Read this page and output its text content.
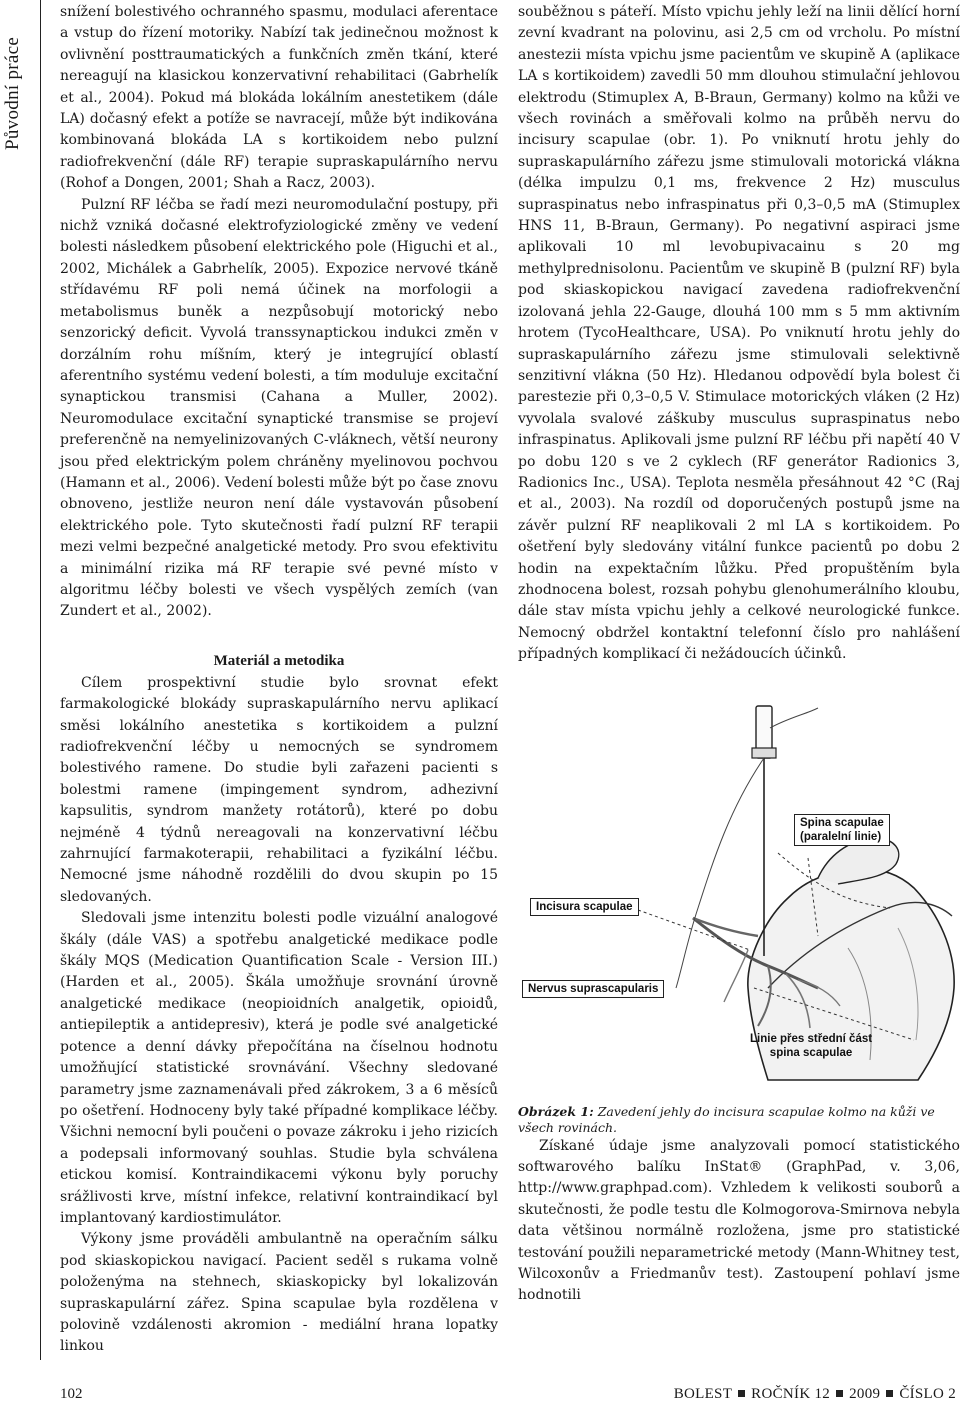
Původní práce

snížení bolestivého ochranného spasmu, modulaci aferentace a vstup do řízení motoriky. Nabízí tak jedinečnou možnost k ovlivnění posttraumatických a funkčních změn tkání, které nereagují na klasickou konzervativní rehabilitaci (Gabrhelík et al., 2004). Pokud má blokáda lokálním anestetikem (dále LA) dočasný efekt a potíže se navracejí, může být indikována kombinovaná blokáda LA s kortikoidem nebo pulzní radiofrekvenční (dále RF) terapie supraskapulárního nervu (Rohof a Dongen, 2001; Shah a Racz, 2003).

Pulzní RF léčba se řadí mezi neuromodulační postupy, při nichž vzniká dočasné elektrofyziologické změny ve vedení bolesti následkem působení elektrického pole (Higuchi et al., 2002, Michálek a Gabrhelík, 2005). Expozice nervové tkáně střídavému RF poli nemá účinek na morfologii a metabolismus buněk a nezpůsobují motorický nebo senzorický deficit. Vyvolá transsynaptickou indukci změn v dorzálním rohu míšním, který je integrující oblastí aferentního systému vedení bolesti, a tím moduluje excitační synaptickou transmisi (Cahana a Muller, 2002). Neuromodulace excitační synaptické transmise se projeví preferenčně na nemyelinizovaných C-vláknech, větší neurony jsou před elektrickým polem chráněny myelinovou pochvou (Hamann et al., 2006). Vedení bolesti může být po čase znovu obnoveno, jestliže neuron není dále vystavován působení elektrického pole. Tyto skutečnosti řadí pulzní RF terapii mezi velmi bezpečné analgetické metody. Pro svou efektivitu a minimální rizika má RF terapie své pevné místo v algoritmu léčby bolesti ve všech vyspělých zemích (van Zundert et al., 2002).

Materiál a metodika

Cílem prospektivní studie bylo srovnat efekt farmakologické blokády supraskapulárního nervu aplikací směsi lokálního anestetika s kortikoidem a pulzní radiofrekvenční léčby u nemocných se syndromem bolestivého ramene. Do studie byli zařazeni pacienti s bolestmi ramene (impingement syndrom, adhezivní kapsulitis, syndrom manžety rotátorů), které po dobu nejméně 4 týdnů nereagovali na konzervativní léčbu zahrnující farmakoterapii, rehabilitaci a fyzikální léčbu. Nemocné jsme náhodně rozdělili do dvou skupin po 15 sledovaných.

Sledovali jsme intenzitu bolesti podle vizuální analogové škály (dále VAS) a spotřebu analgetické medikace podle škály MQS (Medication Quantification Scale - Version III.) (Harden et al., 2005). Škála umožňuje srovnání úrovně analgetické medikace (neopioidních analgetik, opioidů, antiepileptik a antidepresiv), která je podle své analgetické potence a denní dávky přepočítána na číselnou hodnotu umožňující statistické srovnávání. Všechny sledované parametry jsme zaznamenávali před zákrokem, 3 a 6 měsíců po ošetření. Hodnoceny byly také případné komplikace léčby. Všichni nemocní byli poučeni o povaze zákroku i jeho rizicích a podepsali informovaný souhlas. Studie byla schválena etickou komisí. Kontraindikacemi výkonu byly poruchy srážlivosti krve, místní infekce, relativní kontraindikací byl implantovaný kardiostimulátor.

Výkony jsme prováděli ambulantně na operačním sálku pod skiaskopickou navigací. Pacient seděl s rukama volně položenýma na stehnech, skiaskopicky byl lokalizován supraskapulární zářez. Spina scapulae byla rozdělena v polovině vzdálenosti akromion - mediální hrana lopatky linkou

souběžnou s páteří. Místo vpichu jehly leží na linii dělící horní zevní kvadrant na polovinu, asi 2,5 cm od vrcholu. Po místní anestezii místa vpichu jsme pacientům ve skupině A (aplikace LA s kortikoidem) zavedli 50 mm dlouhou stimulační jehlovou elektrodu (Stimuplex A, B-Braun, Germany) kolmo na kůži ve všech rovinách a směřovali kolmo na průběh nervu do incisury scapulae (obr. 1). Po vniknutí hrotu jehly do supraskapulárního zářezu jsme stimulovali motorická vlákna (délka impulzu 0,1 ms, frekvence 2 Hz) musculus supraspinatus nebo infraspinatus při 0,3–0,5 mA (Stimuplex HNS 11, B-Braun, Germany). Po negativní aspiraci jsme aplikovali 10 ml levobupivacainu s 20 mg methylprednisolonu. Pacientům ve skupině B (pulzní RF) byla pod skiaskopickou navigací zavedena radiofrekvenční izolovaná jehla 22-Gauge, dlouhá 100 mm s 5 mm aktivním hrotem (TycoHealthcare, USA). Po vniknutí hrotu jehly do supraskapulárního zářezu jsme stimulovali selektivně senzitivní vlákna (50 Hz). Hledanou odpovědí byla bolest či parestezie při 0,3–0,5 V. Stimulace motorických vláken (2 Hz) vyvolala svalové záškuby musculus supraspinatus nebo infraspinatus. Aplikovali jsme pulzní RF léčbu při napětí 40 V po dobu 120 s ve 2 cyklech (RF generátor Radionics 3, Radionics Inc., USA). Teplota nesměla přesáhnout 42 °C (Raj et al., 2003). Na rozdíl od doporučených postupů jsme na závěr pulzní RF neaplikovali 2 ml LA s kortikoidem. Po ošetření byly sledovány vitální funkce pacientů po dobu 2 hodin na expektačním lůžku. Před propuštěním byla zhodnocena bolest, rozsah pohybu glenohumerálního kloubu, dále stav místa vpichu jehly a celkové neurologické funkce. Nemocný obdržel kontaktní telefonní číslo pro nahlášení případných komplikací či nežádoucích účinků.

Spina scapulae
(paralelní linie)
Incisura scapulae
Nervus suprascapularis
Linie přes střední část
spina scapulae
Obrázek 1: Zavedení jehly do incisura scapulae kolmo na kůži ve všech rovinách.

Získané údaje jsme analyzovali pomocí statistického softwarového balíku InStat® (GraphPad, v. 3,06, http://www.graphpad.com). Vzhledem k velikosti souborů a skutečnosti, že podle testu dle Kolmogorova-Smirnova nebyla data většinou normálně rozložena, jsme pro statistické testování použili neparametrické metody (Mann-Whitney test, Wilcoxonův a Friedmanův test). Zastoupení pohlaví jsme hodnotili

102	BOLEST ROČNÍK 12 2009 ČÍSLO 2
